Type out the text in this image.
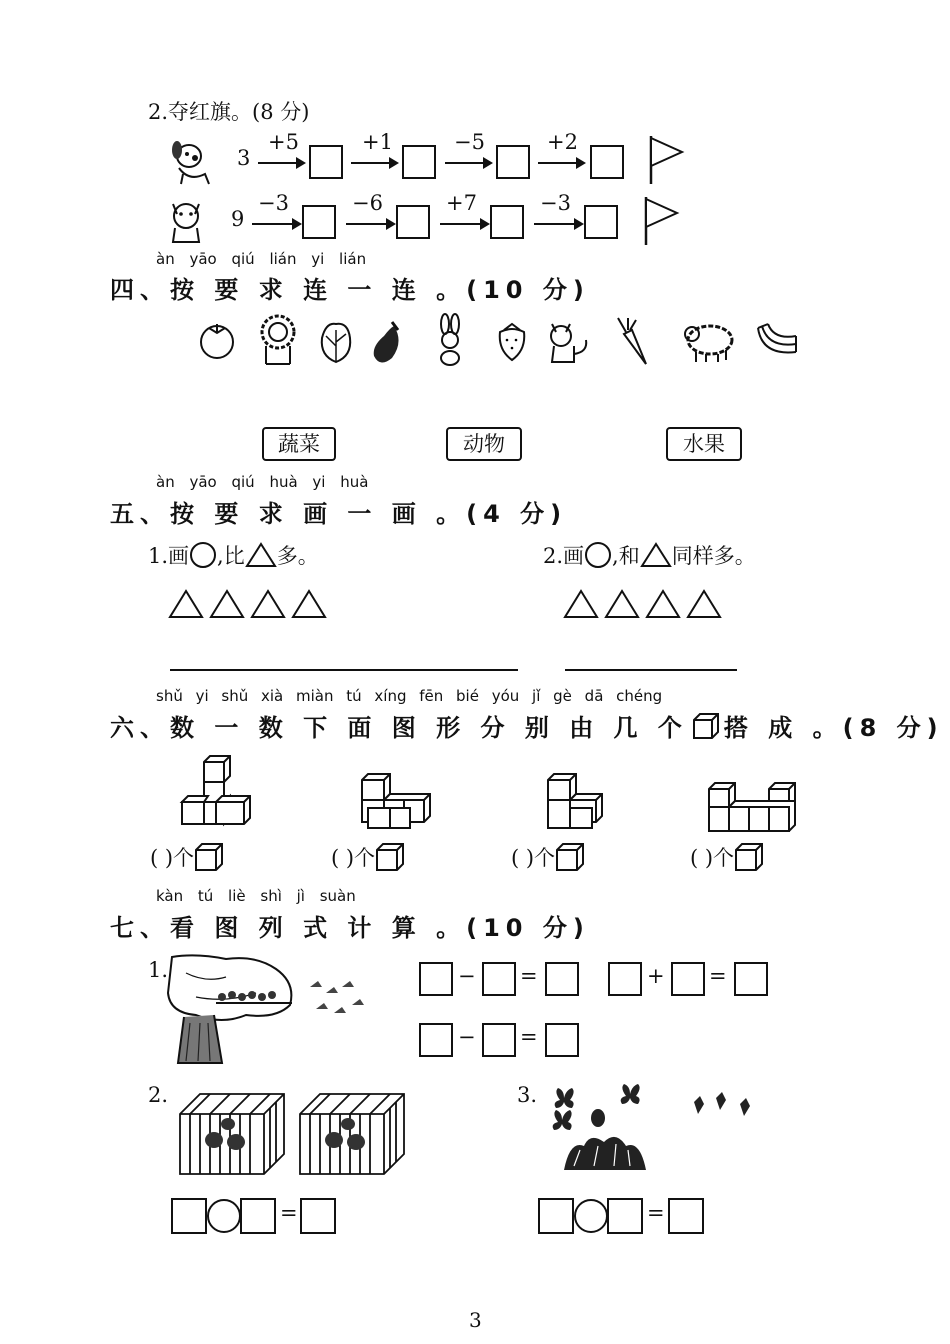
2.夺红旗。(8 分)
3
+5	+1	−5	+2
9
−3	−6	+7	−3
àn yāo qiú lián yi lián
四、按 要 求 连 一 连 。(10 分)
蔬菜	动物	水果
àn yāo qiú huà yi huà
五、按 要 求 画 一 画 。(4 分)
1.画 ,比 多。	2.画 ,和 同样多。
shǔ yi shǔ xià miàn tú xíng fēn bié yóu jǐ gè dā chéng
六、数 一 数 下 面 图 形 分 别 由 几 个 搭 成 。(8 分)
( )个	( )个	( )个	( )个
kàn tú liè shì jì suàn
七、看 图 列 式 计 算 。(10 分)
1.	− =	+ =
− =
2.
=
3.
=
3
